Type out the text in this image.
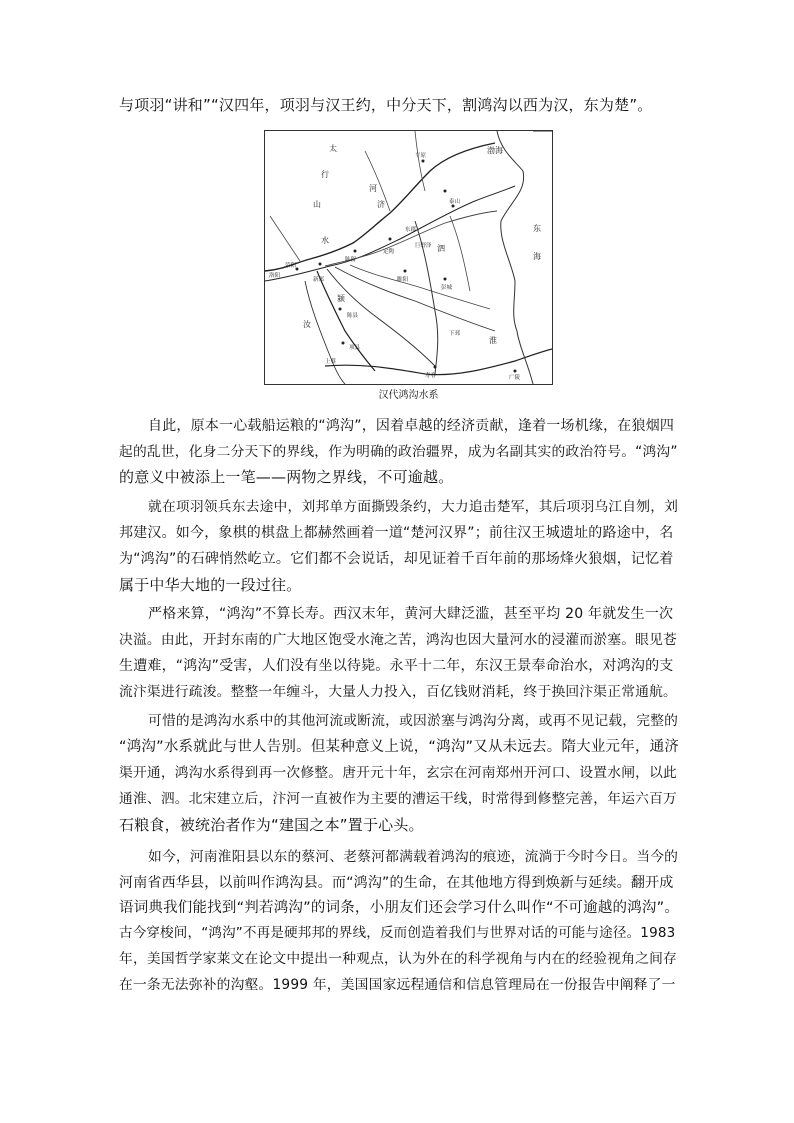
与项羽“讲和”“汉四年，项羽与汉王约，中分天下，割鸿沟以西为汉，东为楚”。
渤海
太
行
山
河
济
水
东
海
泗
淮
颍
汝
平原
泰山
东郡
巨野泽
定陶
荥阳
陈留
睢阳
彭城
下邳
寿春	广陵
洛阳
新郑
陈县
项县
上蔡
汉代鸿沟水系
自此，原本一心载船运粮的“鸿沟”，因着卓越的经济贡献，逢着一场机缘，在狼烟四
起的乱世，化身二分天下的界线，作为明确的政治疆界，成为名副其实的政治符号。“鸿沟”
的意义中被添上一笔——两物之界线，不可逾越。
就在项羽领兵东去途中，刘邦单方面撕毁条约，大力追击楚军，其后项羽乌江自刎，刘
邦建汉。如今，象棋的棋盘上都赫然画着一道“楚河汉界”；前往汉王城遗址的路途中，名
为“鸿沟”的石碑悄然屹立。它们都不会说话，却见证着千百年前的那场烽火狼烟，记忆着
属于中华大地的一段过往。
严格来算，“鸿沟”不算长寿。西汉末年，黄河大肆泛滥，甚至平均 20 年就发生一次
决溢。由此，开封东南的广大地区饱受水淹之苦，鸿沟也因大量河水的浸灌而淤塞。眼见苍
生遭难，“鸿沟”受害，人们没有坐以待毙。永平十二年，东汉王景奉命治水，对鸿沟的支
流汴渠进行疏浚。整整一年缠斗，大量人力投入，百亿钱财消耗，终于换回汴渠正常通航。
可惜的是鸿沟水系中的其他河流或断流，或因淤塞与鸿沟分离，或再不见记载，完整的
“鸿沟”水系就此与世人告别。但某种意义上说，“鸿沟”又从未远去。隋大业元年，通济
渠开通，鸿沟水系得到再一次修整。唐开元十年，玄宗在河南郑州开河口、设置水闸，以此
通淮、泗。北宋建立后，汴河一直被作为主要的漕运干线，时常得到修整完善，年运六百万
石粮食，被统治者作为“建国之本”置于心头。
如今，河南淮阳县以东的蔡河、老蔡河都满载着鸿沟的痕迹，流淌于今时今日。当今的
河南省西华县，以前叫作鸿沟县。而“鸿沟”的生命，在其他地方得到焕新与延续。翻开成
语词典我们能找到“判若鸿沟”的词条，小朋友们还会学习什么叫作“不可逾越的鸿沟”。
古今穿梭间，“鸿沟”不再是硬邦邦的界线，反而创造着我们与世界对话的可能与途径。1983
年，美国哲学家莱文在论文中提出一种观点，认为外在的科学视角与内在的经验视角之间存
在一条无法弥补的沟壑。1999 年，美国国家远程通信和信息管理局在一份报告中阐释了一
